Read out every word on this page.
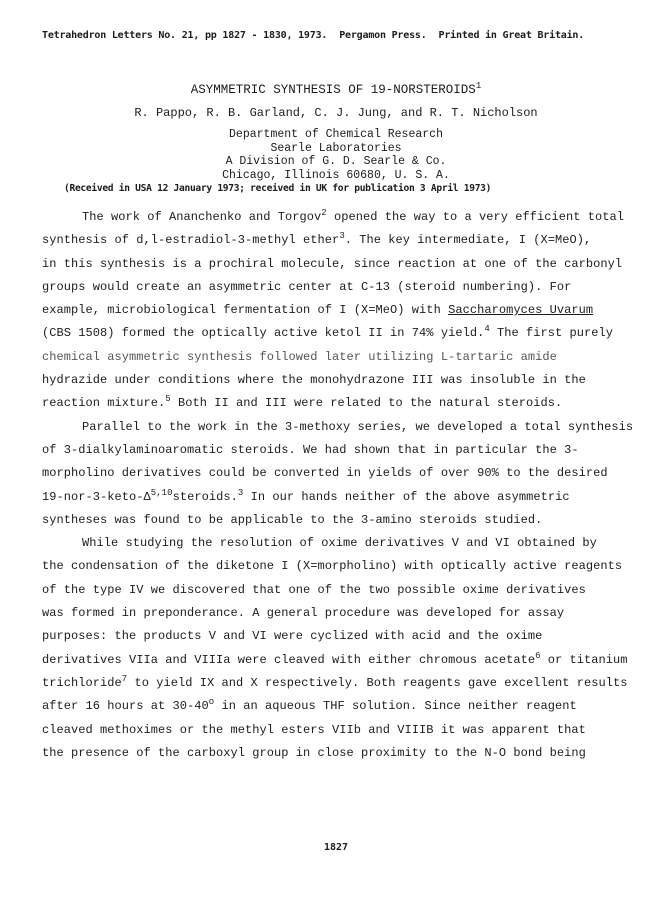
Tetrahedron Letters No. 21, pp 1827 - 1830, 1973. Pergamon Press. Printed in Great Britain.
ASYMMETRIC SYNTHESIS OF 19-NORSTEROIDS$^1$
R. Pappo, R. B. Garland, C. J. Jung, and R. T. Nicholson
Department of Chemical Research
Searle Laboratories
A Division of G. D. Searle & Co.
Chicago, Illinois 60680, U. S. A.
(Received in USA 12 January 1973; received in UK for publication 3 April 1973)
The work of Ananchenko and Torgov$^2$ opened the way to a very efficient total
synthesis of d,l-estradiol-3-methyl ether$^3$. The key intermediate, I (X=MeO),
in this synthesis is a prochiral molecule, since reaction at one of the carbonyl
groups would create an asymmetric center at C-13 (steroid numbering). For
example, microbiological fermentation of I (X=MeO) with Saccharomyces Uvarum
(CBS 1508) formed the optically active ketol II in 74% yield.$^4$ The first purely
chemical asymmetric synthesis followed later utilizing L-tartaric amide
hydrazide under conditions where the monohydrazone III was insoluble in the
reaction mixture.$^5$ Both II and III were related to the natural steroids.
Parallel to the work in the 3-methoxy series, we developed a total synthesis
of 3-dialkylaminoaromatic steroids. We had shown that in particular the 3-
morpholino derivatives could be converted in yields of over 90% to the desired
$19-nor-3-keto-\Delta^{5,10}steroids.^3$ In our hands neither of the above asymmetric
syntheses was found to be applicable to the 3-amino steroids studied.
While studying the resolution of oxime derivatives V and VI obtained by
the condensation of the diketone I (X=morpholino) with optically active reagents
of the type IV we discovered that one of the two possible oxime derivatives
was formed in preponderance. A general procedure was developed for assay
purposes: the products V and VI were cyclized with acid and the oxime
derivatives VIIa and VIIIa were cleaved with either chromous acetate$^6$ or titanium
trichloride$^7$ to yield IX and X respectively. Both reagents gave excellent results
after 16 hours at 30-40$^o$ in an aqueous THF solution. Since neither reagent
cleaved methoximes or the methyl esters VIIb and VIIIB it was apparent that
the presence of the carboxyl group in close proximity to the N-O bond being
1827
